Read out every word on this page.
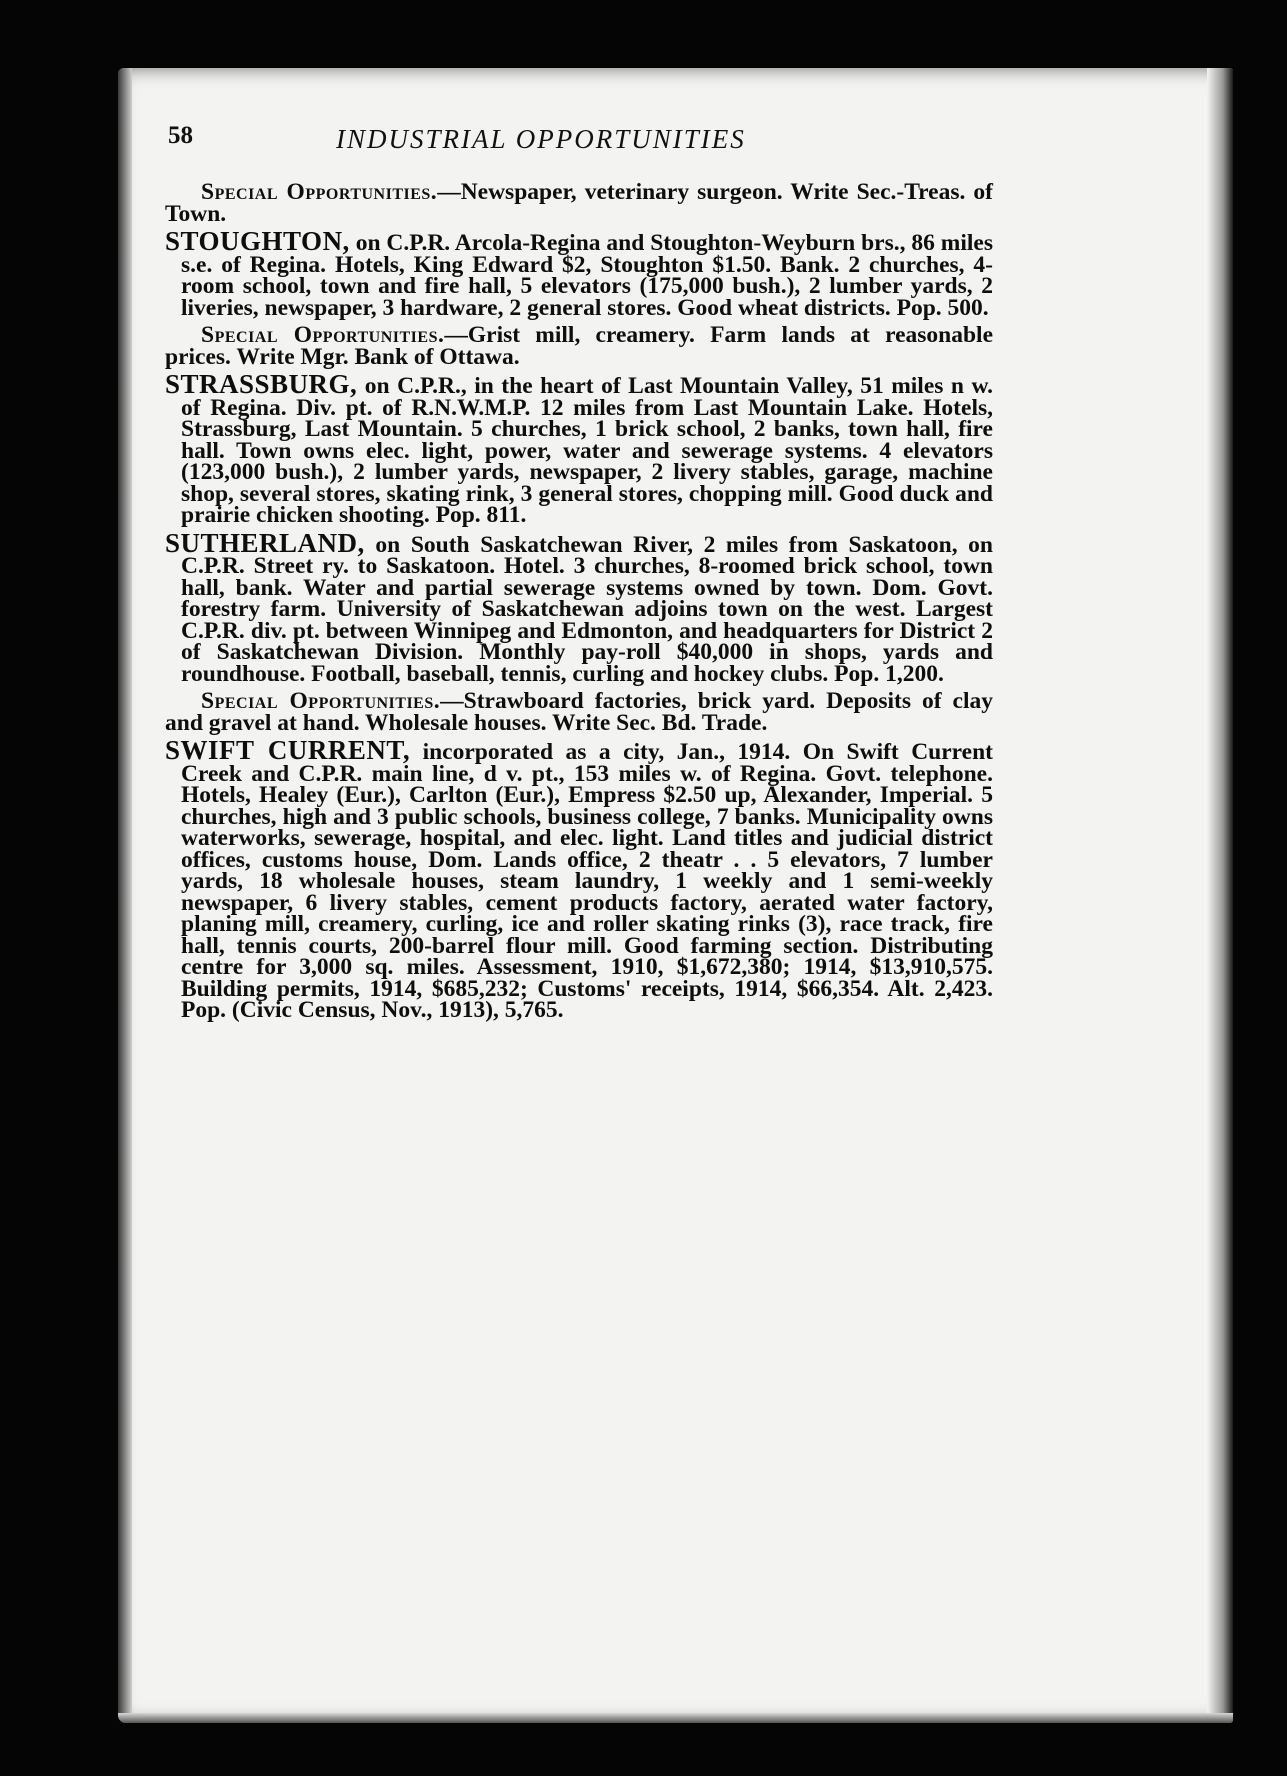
58	INDUSTRIAL OPPORTUNITIES

Special Opportunities.—Newspaper, veterinary surgeon. Write Sec.-Treas. of Town.

STOUGHTON, on C.P.R. Arcola-Regina and Stoughton-Weyburn brs., 86 miles s.e. of Regina. Hotels, King Edward $2, Stoughton $1.50. Bank. 2 churches, 4-room school, town and fire hall, 5 elevators (175,000 bush.), 2 lumber yards, 2 liveries, newspaper, 3 hardware, 2 general stores. Good wheat districts. Pop. 500.

Special Opportunities.—Grist mill, creamery. Farm lands at reasonable prices. Write Mgr. Bank of Ottawa.

STRASSBURG, on C.P.R., in the heart of Last Mountain Valley, 51 miles n w. of Regina. Div. pt. of R.N.W.M.P. 12 miles from Last Mountain Lake. Hotels, Strassburg, Last Mountain. 5 churches, 1 brick school, 2 banks, town hall, fire hall. Town owns elec. light, power, water and sewerage systems. 4 elevators (123,000 bush.), 2 lumber yards, newspaper, 2 livery stables, garage, machine shop, several stores, skating rink, 3 general stores, chopping mill. Good duck and prairie chicken shooting. Pop. 811.

SUTHERLAND, on South Saskatchewan River, 2 miles from Saskatoon, on C.P.R. Street ry. to Saskatoon. Hotel. 3 churches, 8-roomed brick school, town hall, bank. Water and partial sewerage systems owned by town. Dom. Govt. forestry farm. University of Saskatchewan adjoins town on the west. Largest C.P.R. div. pt. between Winnipeg and Edmonton, and headquarters for District 2 of Saskatchewan Division. Monthly pay-roll $40,000 in shops, yards and roundhouse. Football, baseball, tennis, curling and hockey clubs. Pop. 1,200.

Special Opportunities.—Strawboard factories, brick yard. Deposits of clay and gravel at hand. Wholesale houses. Write Sec. Bd. Trade.

SWIFT CURRENT, incorporated as a city, Jan., 1914. On Swift Current Creek and C.P.R. main line, d v. pt., 153 miles w. of Regina. Govt. telephone. Hotels, Healey (Eur.), Carlton (Eur.), Empress $2.50 up, Alexander, Imperial. 5 churches, high and 3 public schools, business college, 7 banks. Municipality owns waterworks, sewerage, hospital, and elec. light. Land titles and judicial district offices, customs house, Dom. Lands office, 2 theatr . . 5 elevators, 7 lumber yards, 18 wholesale houses, steam laundry, 1 weekly and 1 semi-weekly newspaper, 6 livery stables, cement products factory, aerated water factory, planing mill, creamery, curling, ice and roller skating rinks (3), race track, fire hall, tennis courts, 200-barrel flour mill. Good farming section. Distributing centre for 3,000 sq. miles. Assessment, 1910, $1,672,380; 1914, $13,910,575. Building permits, 1914, $685,232; Customs' receipts, 1914, $66,354. Alt. 2,423. Pop. (Civic Census, Nov., 1913), 5,765.
